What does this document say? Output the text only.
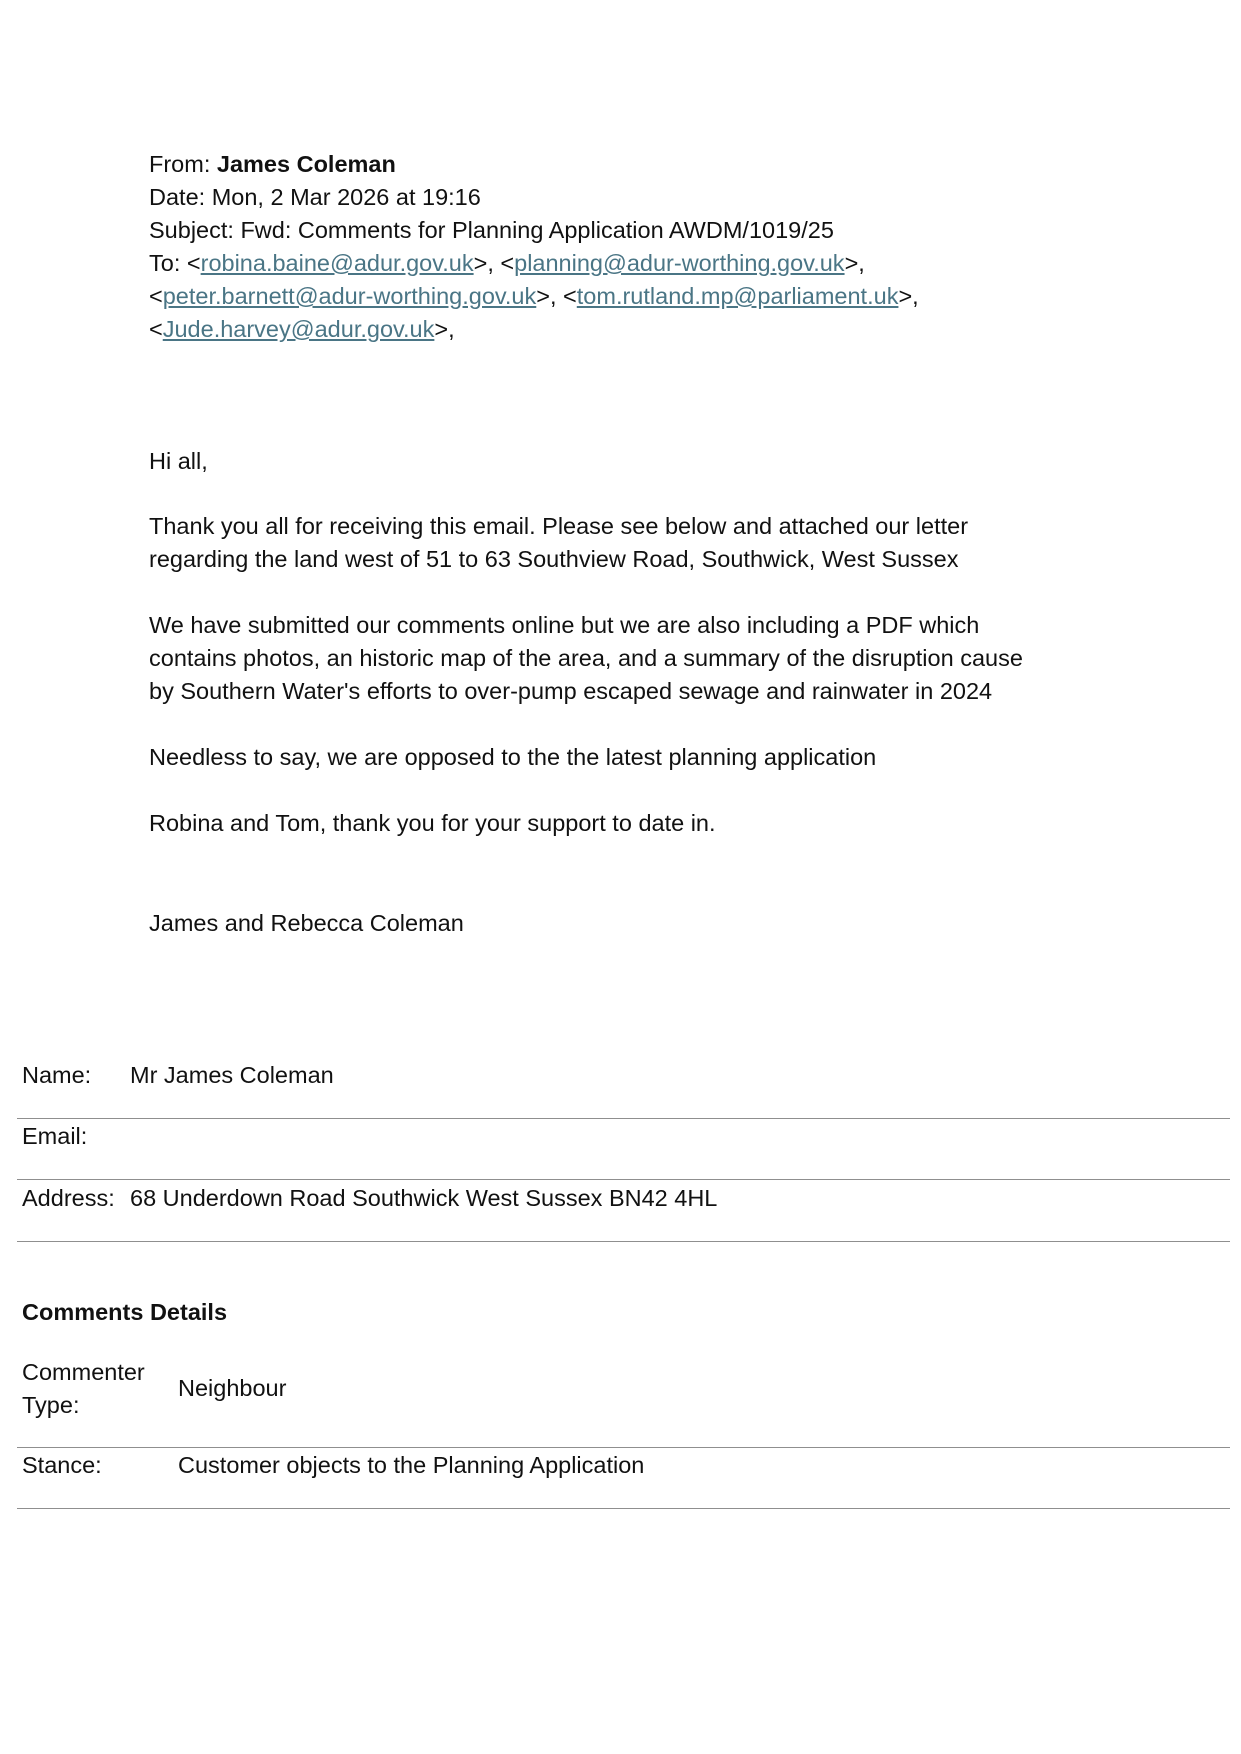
From: James Coleman
Date: Mon, 2 Mar 2026 at 19:16
Subject: Fwd: Comments for Planning Application AWDM/1019/25
To: <robina.baine@adur.gov.uk>, <planning@adur-worthing.gov.uk>,
<peter.barnett@adur-worthing.gov.uk>, <tom.rutland.mp@parliament.uk>,
<Jude.harvey@adur.gov.uk>,
Hi all,
Thank you all for receiving this email. Please see below and attached our letter
regarding the land west of 51 to 63 Southview Road, Southwick, West Sussex
We have submitted our comments online but we are also including a PDF which
contains photos, an historic map of the area, and a summary of the disruption cause
by Southern Water's efforts to over-pump escaped sewage and rainwater in 2024
Needless to say, we are opposed to the the latest planning application
Robina and Tom, thank you for your support to date in.
James and Rebecca Coleman
Name: Mr James Coleman
Email:
Address: 68 Underdown Road Southwick West Sussex BN42 4HL
Comments Details
Commenter
Type:
Neighbour
Stance:	Customer objects to the Planning Application
